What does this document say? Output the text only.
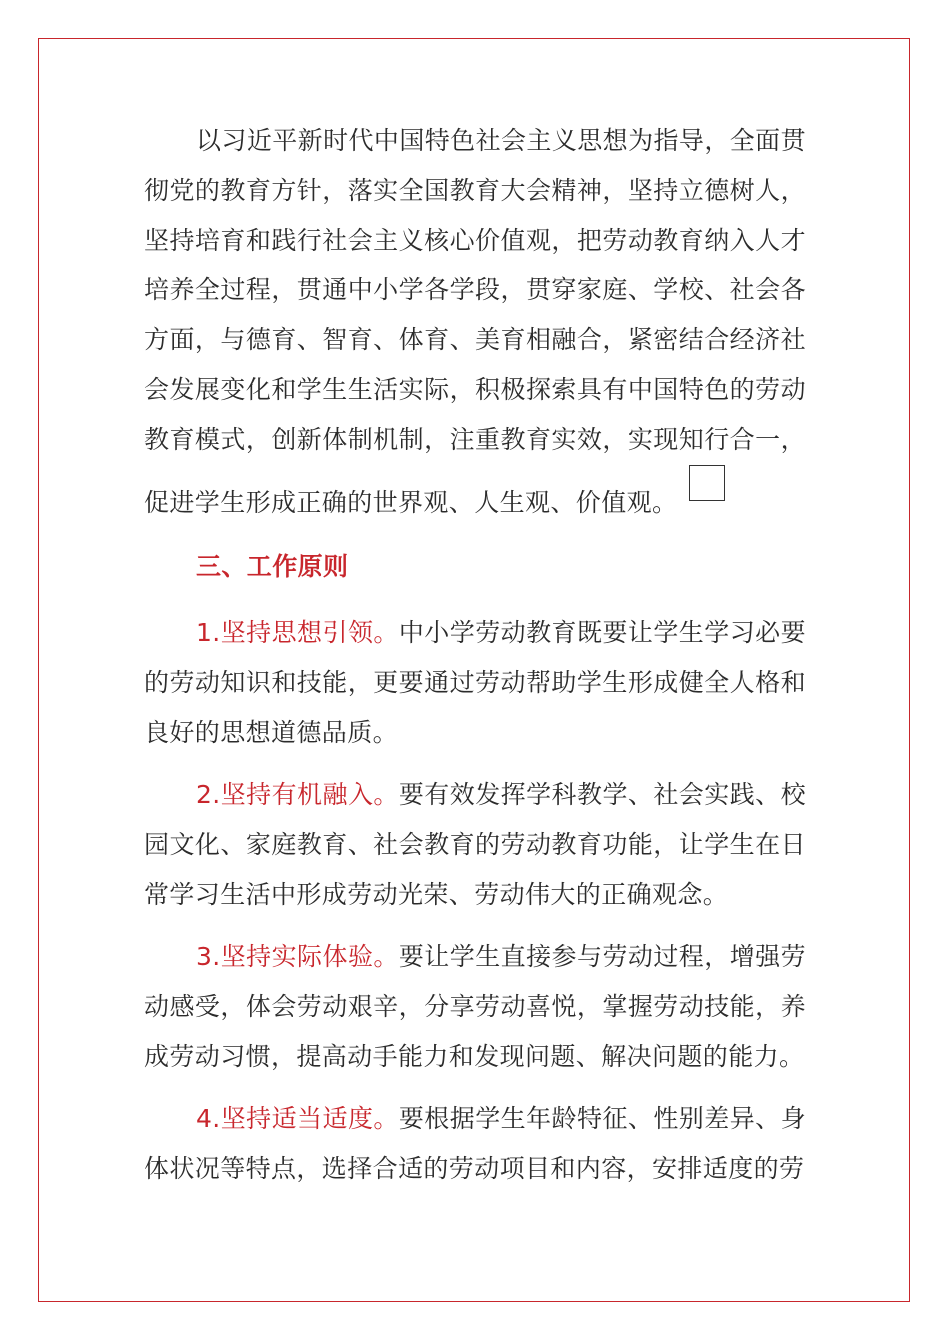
以习近平新时代中国特色社会主义思想为指导，全面贯彻党的教育方针，落实全国教育大会精神，坚持立德树人，坚持培育和践行社会主义核心价值观，把劳动教育纳入人才培养全过程，贯通中小学各学段，贯穿家庭、学校、社会各方面，与德育、智育、体育、美育相融合，紧密结合经济社会发展变化和学生生活实际，积极探索具有中国特色的劳动教育模式，创新体制机制，注重教育实效，实现知行合一，促进学生形成正确的世界观、人生观、价值观。

三、工作原则

1.坚持思想引领。中小学劳动教育既要让学生学习必要的劳动知识和技能，更要通过劳动帮助学生形成健全人格和良好的思想道德品质。

2.坚持有机融入。要有效发挥学科教学、社会实践、校园文化、家庭教育、社会教育的劳动教育功能，让学生在日常学习生活中形成劳动光荣、劳动伟大的正确观念。

3.坚持实际体验。要让学生直接参与劳动过程，增强劳动感受，体会劳动艰辛，分享劳动喜悦，掌握劳动技能，养成劳动习惯，提高动手能力和发现问题、解决问题的能力。

4.坚持适当适度。要根据学生年龄特征、性别差异、身体状况等特点，选择合适的劳动项目和内容，安排适度的劳
